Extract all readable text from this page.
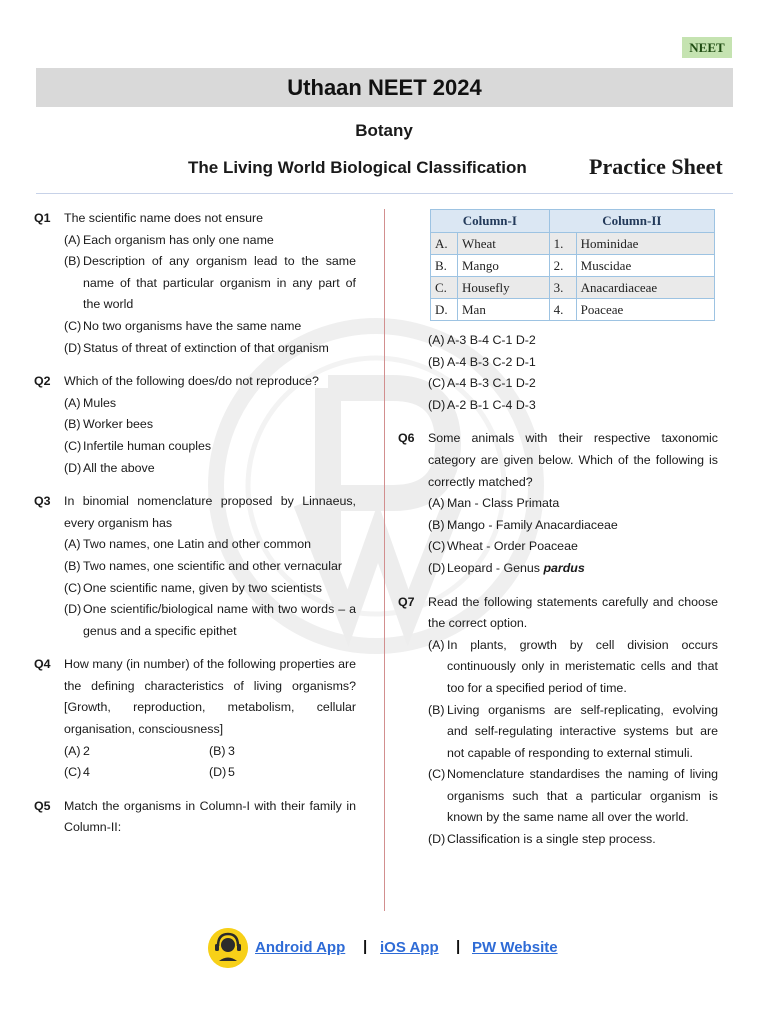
NEET
Uthaan NEET 2024
Botany
The Living World Biological Classification	Practice Sheet
Q1 The scientific name does not ensure
(A) Each organism has only one name
(B) Description of any organism lead to the same name of that particular organism in any part of the world
(C) No two organisms have the same name
(D) Status of threat of extinction of that organism
Q2 Which of the following does/do not reproduce?
(A) Mules
(B) Worker bees
(C) Infertile human couples
(D) All the above
Q3 In binomial nomenclature proposed by Linnaeus, every organism has
(A) Two names, one Latin and other common
(B) Two names, one scientific and other vernacular
(C) One scientific name, given by two scientists
(D) One scientific/biological name with two words – a genus and a specific epithet
Q4 How many (in number) of the following properties are the defining characteristics of living organisms? [Growth, reproduction, metabolism, cellular organisation, consciousness]
(A) 2	(B) 3
(C) 4	(D) 5
Q5 Match the organisms in Column-I with their family in Column-II:
Column-I		Column-II	
A.	Wheat	1.	Hominidae
B.	Mango	2.	Muscidae
C.	Housefly	3.	Anacardiaceae
D.	Man	4.	Poaceae
(A) A-3 B-4 C-1 D-2
(B) A-4 B-3 C-2 D-1
(C) A-4 B-3 C-1 D-2
(D) A-2 B-1 C-4 D-3
Q6 Some animals with their respective taxonomic category are given below. Which of the following is correctly matched?
(A) Man - Class Primata
(B) Mango - Family Anacardiaceae
(C) Wheat - Order Poaceae
(D) Leopard - Genus pardus
Q7 Read the following statements carefully and choose the correct option.
(A) In plants, growth by cell division occurs continuously only in meristematic cells and that too for a specified period of time.
(B) Living organisms are self-replicating, evolving and self-regulating interactive systems but are not capable of responding to external stimuli.
(C) Nomenclature standardises the naming of living organisms such that a particular organism is known by the same name all over the world.
(D) Classification is a single step process.
Android App | iOS App | PW Website
